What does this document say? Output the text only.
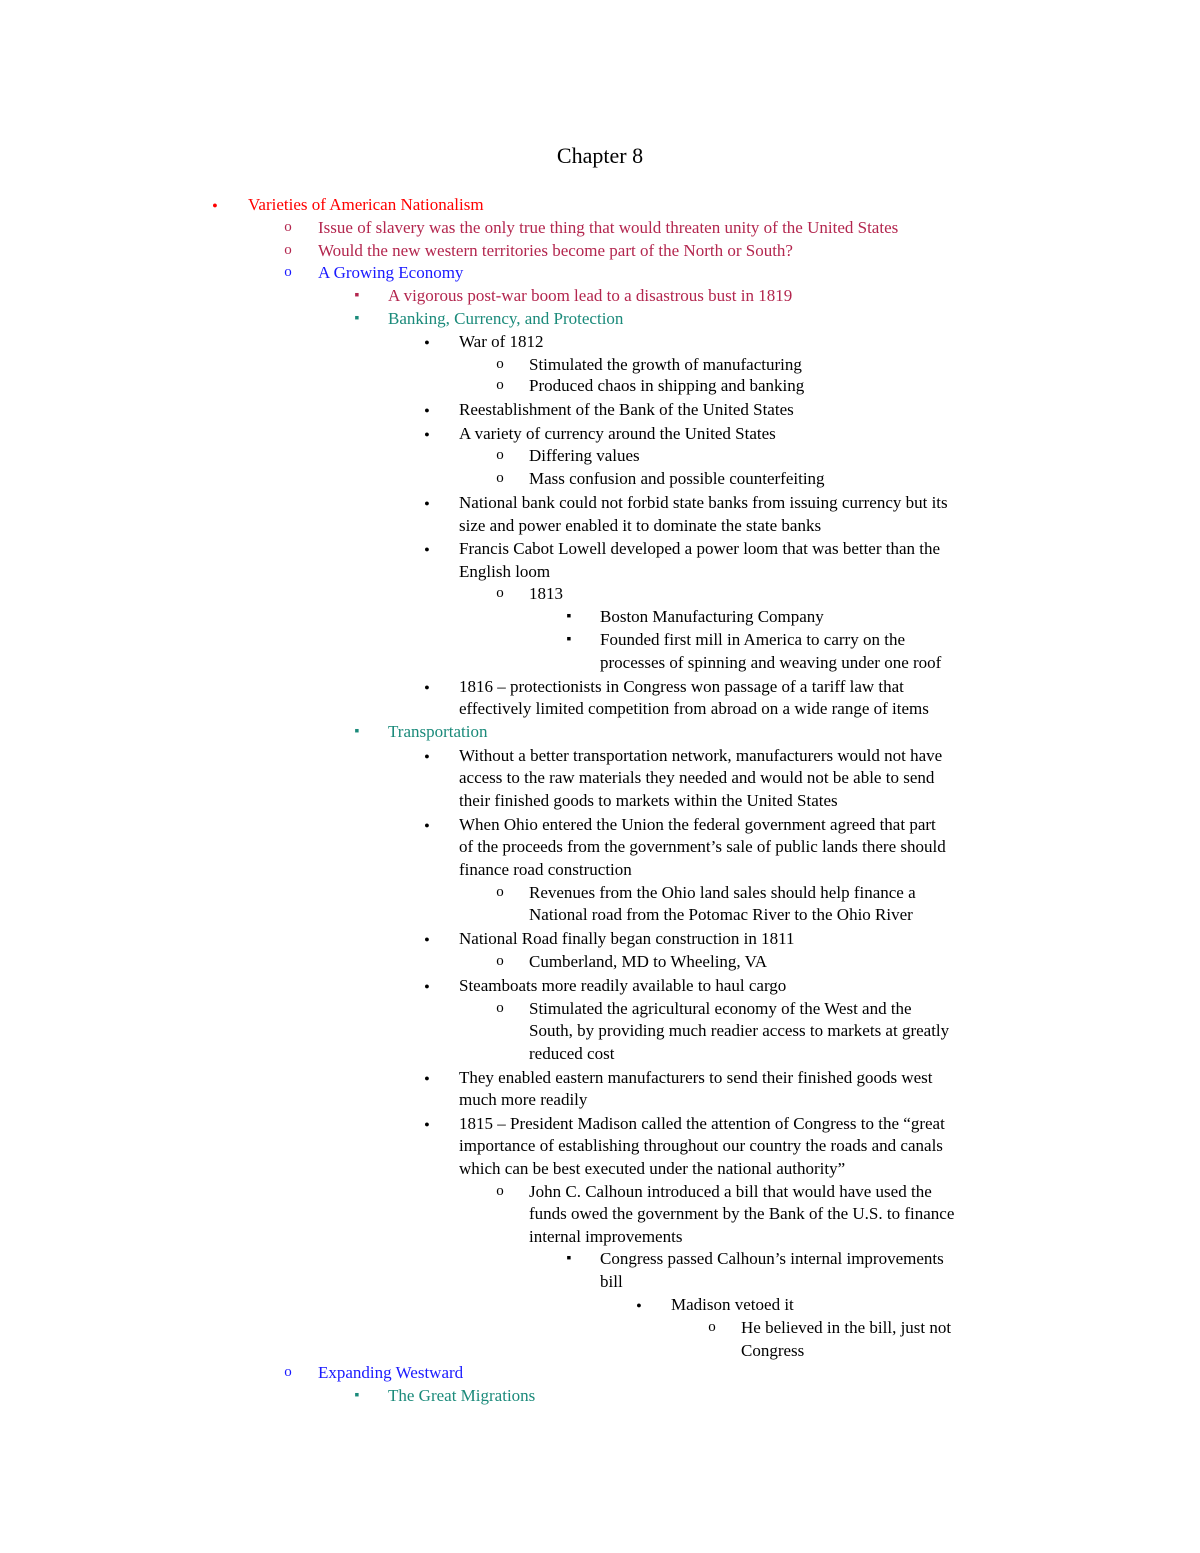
Chapter 8
●
Varieties of American Nationalism
o
Issue of slavery was the only true thing that would threaten unity of the United States
o
Would the new western territories become part of the North or South?
o
A Growing Economy
▪
A vigorous post-war boom lead to a disastrous bust in 1819
▪
Banking, Currency, and Protection
●
War of 1812
o
Stimulated the growth of manufacturing
o
Produced chaos in shipping and banking
●
Reestablishment of the Bank of the United States
●
A variety of currency around the United States
o
Differing values
o
Mass confusion and possible counterfeiting
●
National bank could not forbid state banks from issuing currency but its
size and power enabled it to dominate the state banks
●
Francis Cabot Lowell developed a power loom that was better than the
English loom
o
1813
▪
Boston Manufacturing Company
▪
Founded first mill in America to carry on the
processes of spinning and weaving under one roof
●
1816 – protectionists in Congress won passage of a tariff law that
effectively limited competition from abroad on a wide range of items
▪
Transportation
●
Without a better transportation network, manufacturers would not have
access to the raw materials they needed and would not be able to send
their finished goods to markets within the United States
●
When Ohio entered the Union the federal government agreed that part
of the proceeds from the government’s sale of public lands there should
finance road construction
o
Revenues from the Ohio land sales should help finance a
National road from the Potomac River to the Ohio River
●
National Road finally began construction in 1811
o
Cumberland, MD to Wheeling, VA
●
Steamboats more readily available to haul cargo
o
Stimulated the agricultural economy of the West and the
South, by providing much readier access to markets at greatly
reduced cost
●
They enabled eastern manufacturers to send their finished goods west
much more readily
●
1815 – President Madison called the attention of Congress to the “great
importance of establishing throughout our country the roads and canals
which can be best executed under the national authority”
o
John C. Calhoun introduced a bill that would have used the
funds owed the government by the Bank of the U.S. to finance
internal improvements
▪
Congress passed Calhoun’s internal improvements
bill
●
Madison vetoed it
o
He believed in the bill, just not
Congress
o
Expanding Westward
▪
The Great Migrations
